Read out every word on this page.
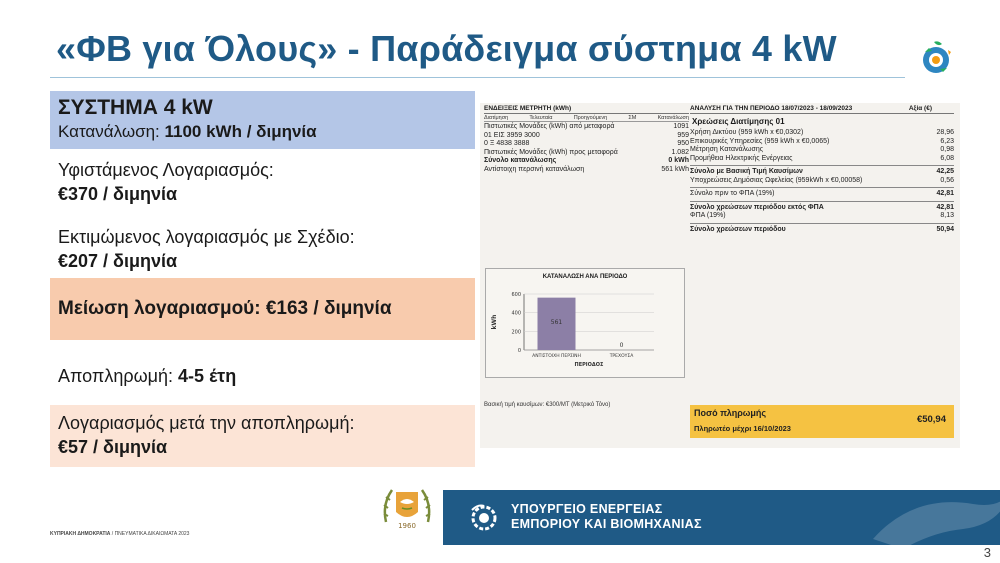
«ΦΒ για Όλους» - Παράδειγμα σύστημα 4 kW
ΣΥΣΤΗΜΑ 4 kW
Κατανάλωση: 1100 kWh / διμηνία
Υφιστάμενος Λογαριασμός:
€370 / διμηνία
Εκτιμώμενος λογαριασμός με Σχέδιο:
€207 / διμηνία
Μείωση λογαριασμού: €163 / διμηνία
Αποπληρωμή: 4-5 έτη
Λογαριασμός μετά την αποπληρωμή:
€57 / διμηνία
ΕΝΔΕΙΞΕΙΣ ΜΕΤΡΗΤΗ (kWh)
Διατίμηση	Τελευταία	Προηγούμενη	ΣΜ	Κατανάλωση
Πιστωτικές Μονάδες (kWh) από μεταφορά	1091
01 ΕΙΣ 3959 3000	959
0 Ξ 4838 3888	950
Πιστωτικές Μονάδες (kWh) προς μεταφορά	1.082
Σύνολο κατανάλωσης	0 kWh
Αντίστοιχη περσινή κατανάλωση	561 kWh
ΑΝΑΛΥΣΗ ΓΙΑ ΤΗΝ ΠΕΡΙΟΔΟ 18/07/2023 - 18/09/2023	Αξία (€)
Χρεώσεις Διατίμησης 01
Χρήση Δικτύου (959 kWh x €0,0302)	28,96
Επικουρικές Υπηρεσίες (959 kWh x €0,0065)	6,23
Μέτρηση Κατανάλωσης	0,98
Προμήθεια Ηλεκτρικής Ενέργειας	6,08
Σύνολο με Βασική Τιμή Καυσίμων	42,25
Υποχρεώσεις Δημόσιας Ωφελείας (959kWh x €0,00058)	0,56
Σύνολο πριν το ΦΠΑ (19%)	42,81
Σύνολο χρεώσεων περιόδου εκτός ΦΠΑ	42,81
ΦΠΑ (19%)	8,13
Σύνολο χρεώσεων περιόδου	50,94
ΚΑΤΑΝΑΛΩΣΗ ΑΝΑ ΠΕΡΙΟΔΟ
0
200
400
600
kWh	561
ΑΝΤΙΣΤΟΙΧΗ ΠΕΡΣΙΝΗ
0
ΤΡΕΧΟΥΣΑ
ΠΕΡΙΟΔΟΣ
Βασική τιμή καυσίμων: €300/ΜΤ (Μετρικό Τόνο)
Ποσό πληρωμής
Πληρωτέο μέχρι 16/10/2023
€50,94
1960
ΥΠΟΥΡΓΕΙΟ ΕΝΕΡΓΕΙΑΣ
ΕΜΠΟΡΙΟΥ ΚΑΙ ΒΙΟΜΗΧΑΝΙΑΣ
ΚΥΠΡΙΑΚΗ ΔΗΜΟΚΡΑΤΙΑ / ΠΝΕΥΜΑΤΙΚΑ ΔΙΚΑΙΩΜΑΤΑ 2023
3
